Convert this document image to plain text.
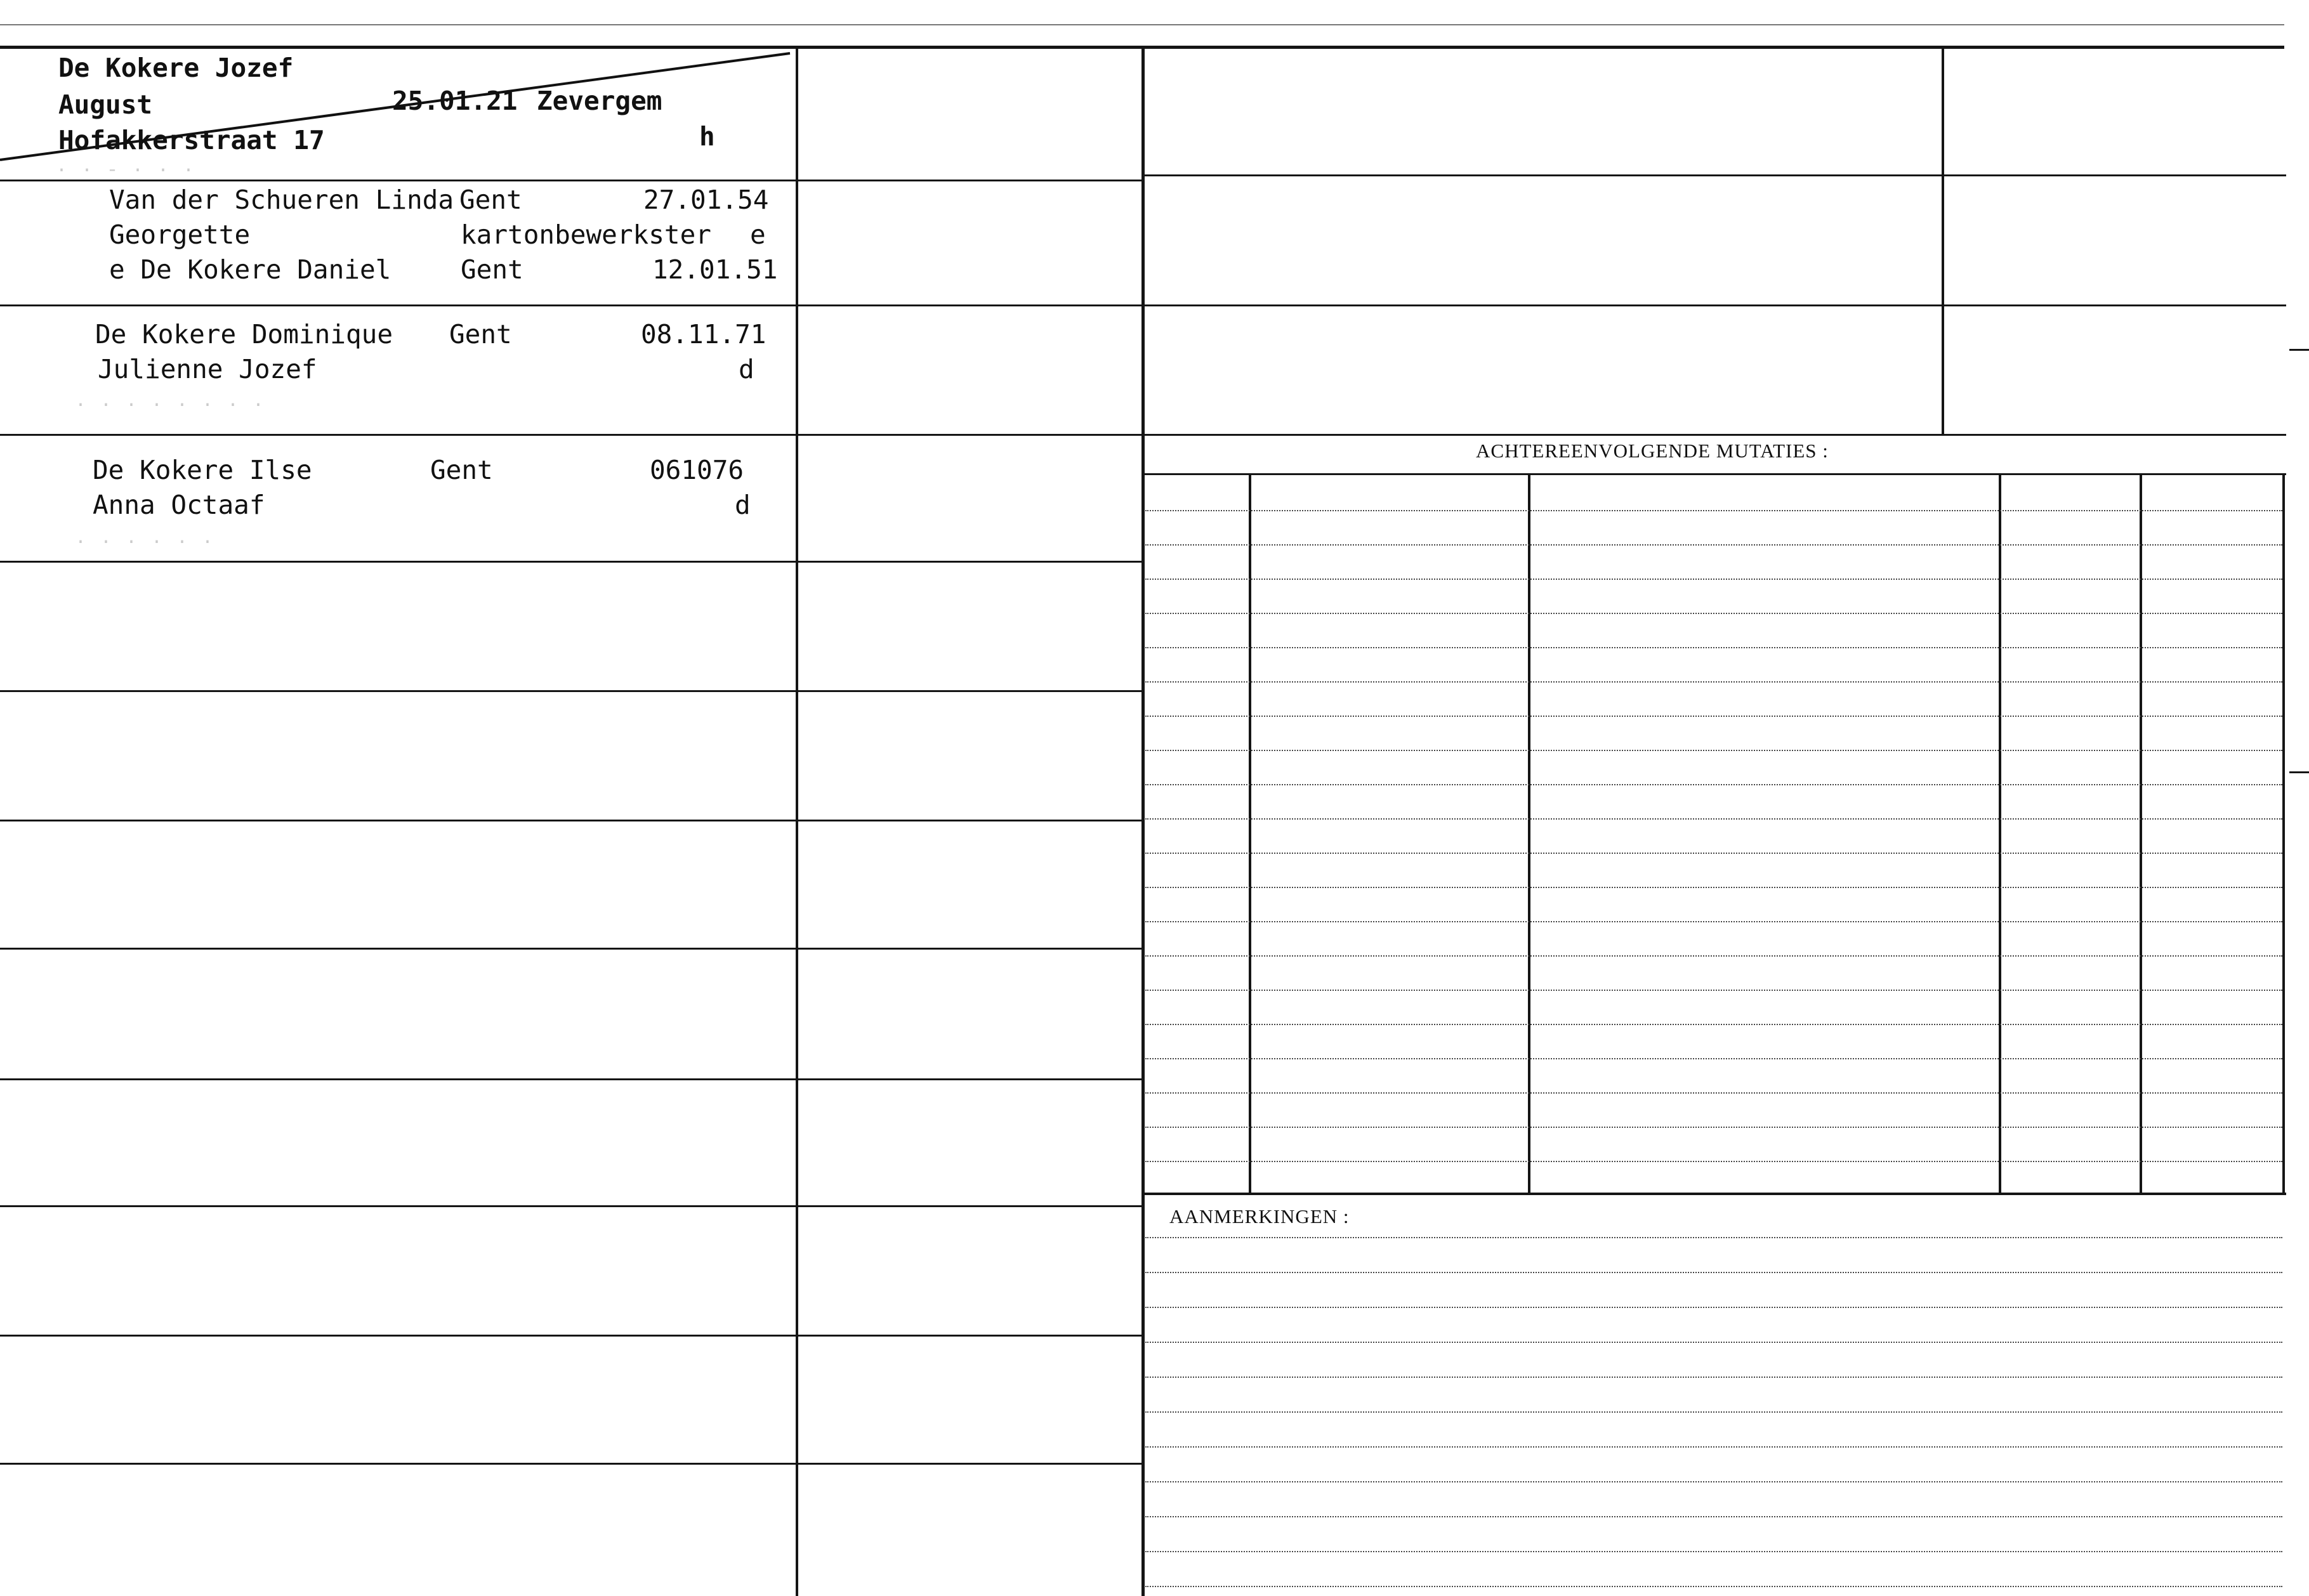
ACHTEREENVOLGENDE MUTATIES :
AANMERKINGEN :

De Kokere Jozef

August

Hofakkerstraat 17

25.01.21

Zevergem

h

· · - · · ·

Van der Schueren Linda

Georgette

e De Kokere Daniel

Gent

kartonbewerkster

Gent

27.01.54

e

12.01.51

De Kokere Dominique

Julienne Jozef

Gent

	08.11.71

d

· · · · · · · ·

De Kokere Ilse

Anna Octaaf

Gent

	061076

d

· · · · · ·
